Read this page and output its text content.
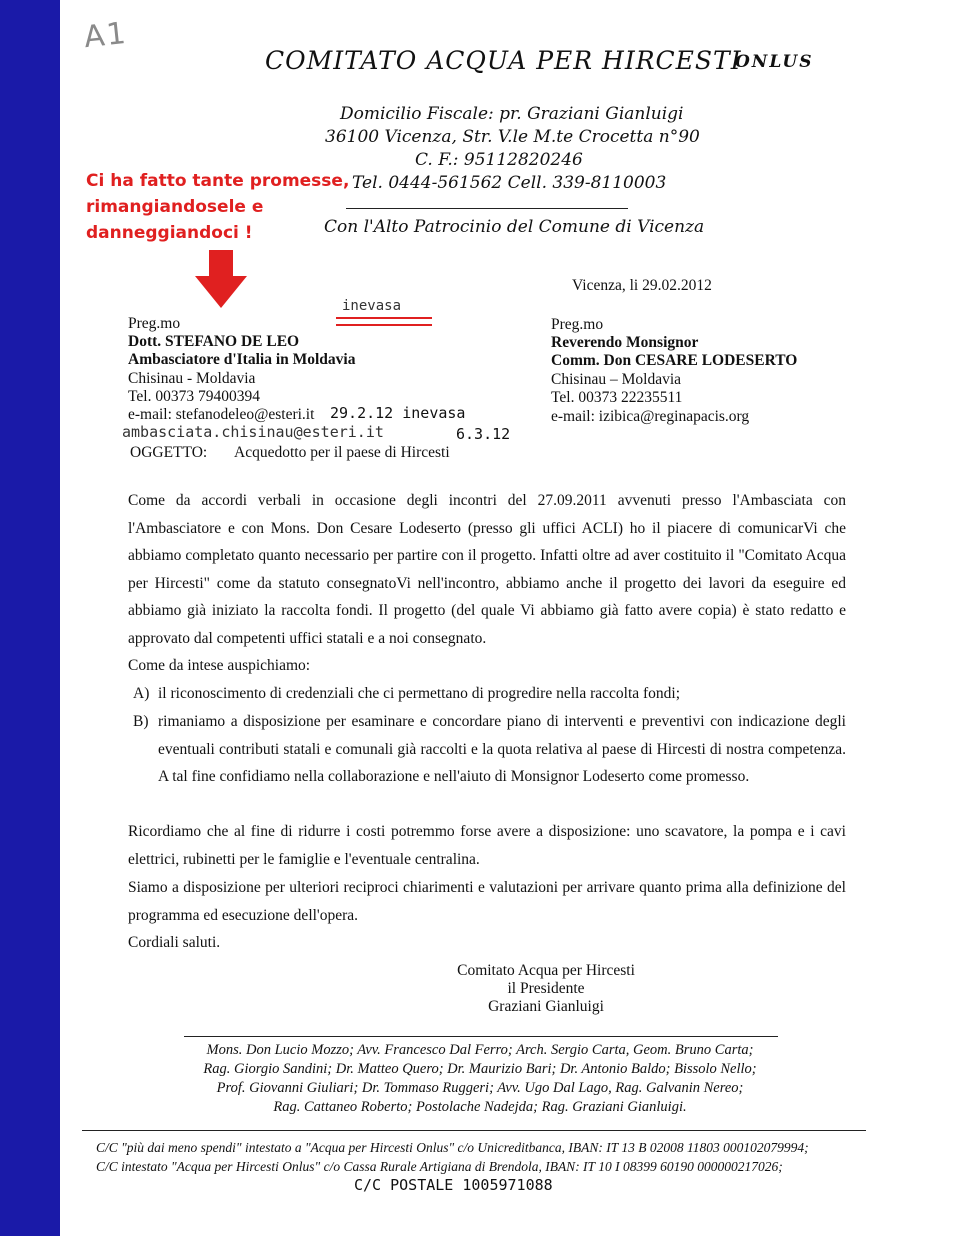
A1
COMITATO ACQUA PER HIRCESTI
ONLUS
Domicilio Fiscale: pr. Graziani Gianluigi
36100 Vicenza, Str. V.le M.te Crocetta n°90
C. F.: 95112820246
Tel. 0444-561562 Cell. 339-8110003
Con l'Alto Patrocinio del Comune di Vicenza
Ci ha fatto tante promesse,
rimangiandosele e
danneggiandoci !
inevasa
Vicenza, li 29.02.2012
Preg.mo
Dott. STEFANO DE LEO
Ambasciatore d'Italia in Moldavia
Chisinau - Moldavia
Tel. 00373 79400394
e-mail: stefanodeleo@esteri.it 29.2.12 inevasa
ambasciata.chisinau@esteri.it	6.3.12
Preg.mo
Reverendo Monsignor
Comm. Don CESARE LODESERTO
Chisinau – Moldavia
Tel. 00373 22235511
e-mail: izibica@reginapacis.org
OGGETTO: Acquedotto per il paese di Hircesti
Come da accordi verbali in occasione degli incontri del 27.09.2011 avvenuti presso l'Ambasciata con l'Ambasciatore e con Mons. Don Cesare Lodeserto (presso gli uffici ACLI) ho il piacere di comunicarVi che abbiamo completato quanto necessario per partire con il progetto. Infatti oltre ad aver costituito il "Comitato Acqua per Hircesti" come da statuto consegnatoVi nell'incontro, abbiamo anche il progetto dei lavori da eseguire ed abbiamo già iniziato la raccolta fondi. Il progetto (del quale Vi abbiamo già fatto avere copia) è stato redatto e approvato dal competenti uffici statali e a noi consegnato.
Come da intese auspichiamo:
A) il riconoscimento di credenziali che ci permettano di progredire nella raccolta fondi;
B) rimaniamo a disposizione per esaminare e concordare piano di interventi e preventivi con indicazione degli eventuali contributi statali e comunali già raccolti e la quota relativa al paese di Hircesti di nostra competenza. A tal fine confidiamo nella collaborazione e nell'aiuto di Monsignor Lodeserto come promesso.
Ricordiamo che al fine di ridurre i costi potremmo forse avere a disposizione: uno scavatore, la pompa e i cavi elettrici, rubinetti per le famiglie e l'eventuale centralina.
Siamo a disposizione per ulteriori reciproci chiarimenti e valutazioni per arrivare quanto prima alla definizione del programma ed esecuzione dell'opera.
Cordiali saluti.
Comitato Acqua per Hircesti
il Presidente
Graziani Gianluigi
Mons. Don Lucio Mozzo; Avv. Francesco Dal Ferro; Arch. Sergio Carta, Geom. Bruno Carta;
Rag. Giorgio Sandini; Dr. Matteo Quero; Dr. Maurizio Bari; Dr. Antonio Baldo; Bissolo Nello;
Prof. Giovanni Giuliari; Dr. Tommaso Ruggeri; Avv. Ugo Dal Lago, Rag. Galvanin Nereo;
Rag. Cattaneo Roberto; Postolache Nadejda; Rag. Graziani Gianluigi.
C/C "più dai meno spendi" intestato a "Acqua per Hircesti Onlus" c/o Unicreditbanca, IBAN: IT 13 B 02008 11803 000102079994;
C/C intestato "Acqua per Hircesti Onlus" c/o Cassa Rurale Artigiana di Brendola, IBAN: IT 10 I 08399 60190 000000217026;
C/C POSTALE 1005971088
